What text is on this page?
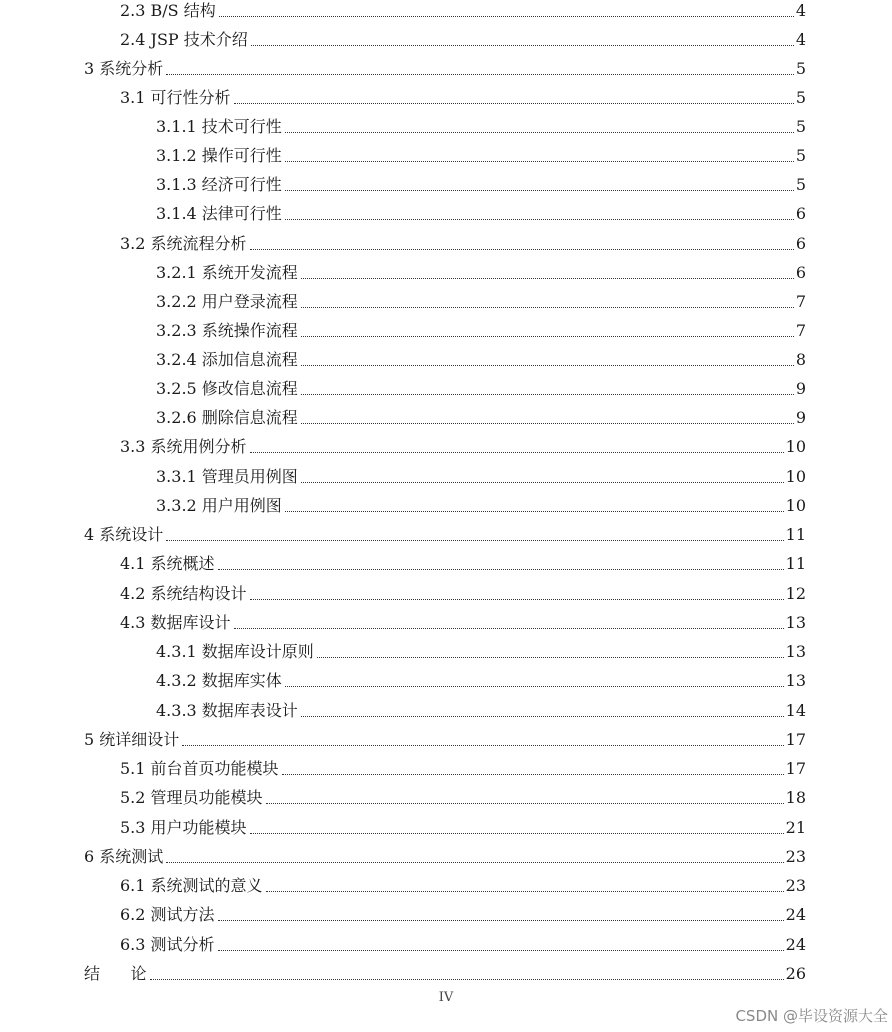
2.3 B/S 结构	4
2.4 JSP 技术介绍	4
3 系统分析	5
3.1 可行性分析	5
3.1.1 技术可行性	5
3.1.2 操作可行性	5
3.1.3 经济可行性	5
3.1.4 法律可行性	6
3.2 系统流程分析	6
3.2.1 系统开发流程	6
3.2.2 用户登录流程	7
3.2.3 系统操作流程	7
3.2.4 添加信息流程	8
3.2.5 修改信息流程	9
3.2.6 删除信息流程	9
3.3 系统用例分析	10
3.3.1 管理员用例图	10
3.3.2 用户用例图	10
4 系统设计	11
4.1 系统概述	11
4.2 系统结构设计	12
4.3 数据库设计	13
4.3.1 数据库设计原则	13
4.3.2 数据库实体	13
4.3.3 数据库表设计	14
5 统详细设计	17
5.1 前台首页功能模块	17
5.2 管理员功能模块	18
5.3 用户功能模块	21
6 系统测试	23
6.1 系统测试的意义	23
6.2 测试方法	24
6.3 测试分析	24
结      论	26
IV
CSDN @毕设资源大全
